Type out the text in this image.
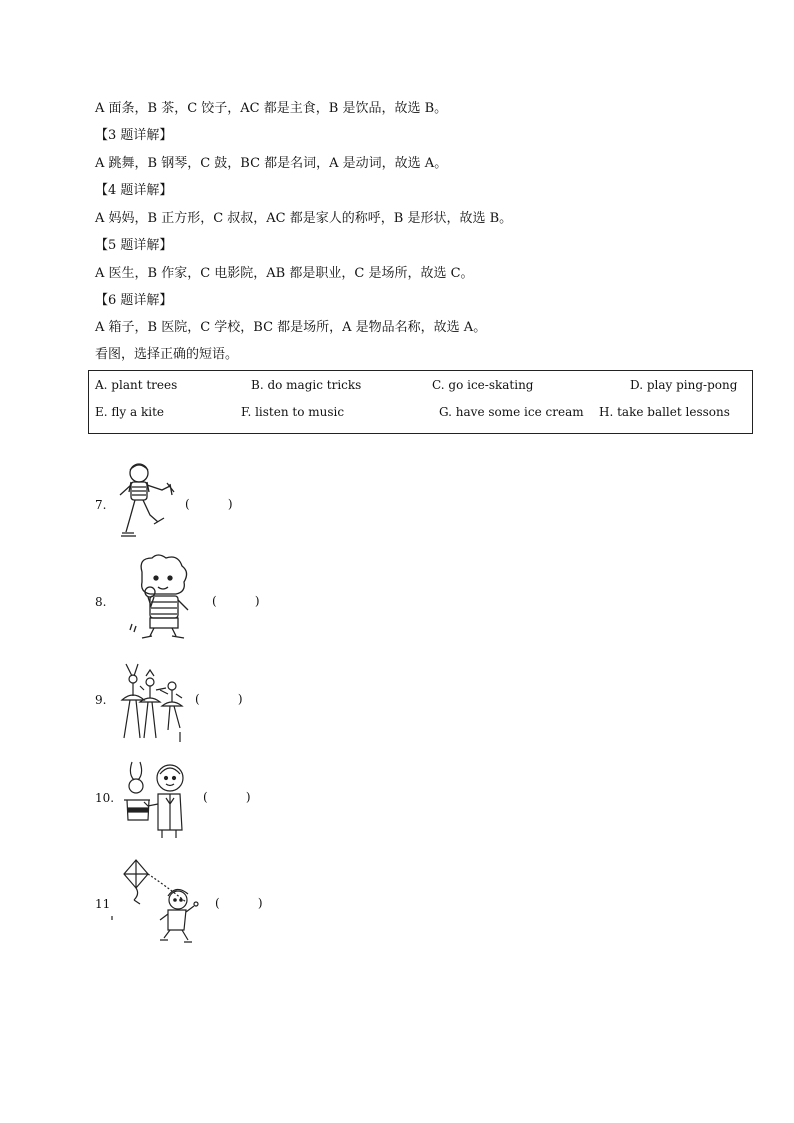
A 面条，B 茶，C 饺子，AC 都是主食，B 是饮品，故选 B。
【3 题详解】
A 跳舞，B 钢琴，C 鼓，BC 都是名词，A 是动词，故选 A。
【4 题详解】
A 妈妈，B 正方形，C 叔叔，AC 都是家人的称呼，B 是形状，故选 B。
【5 题详解】
A 医生，B 作家，C 电影院，AB 都是职业，C 是场所，故选 C。
【6 题详解】
A 箱子，B 医院，C 学校，BC 都是场所，A 是物品名称，故选 A。
看图，选择正确的短语。
A. plant trees	B. do magic tricks	C. go ice-skating	D. play ping-pong
E. fly a kite	F. listen to music	G. have some ice cream H. take ballet lessons
7.	(          )
8.	(          )
9.	(          )
10.	(          )
11	(          )
